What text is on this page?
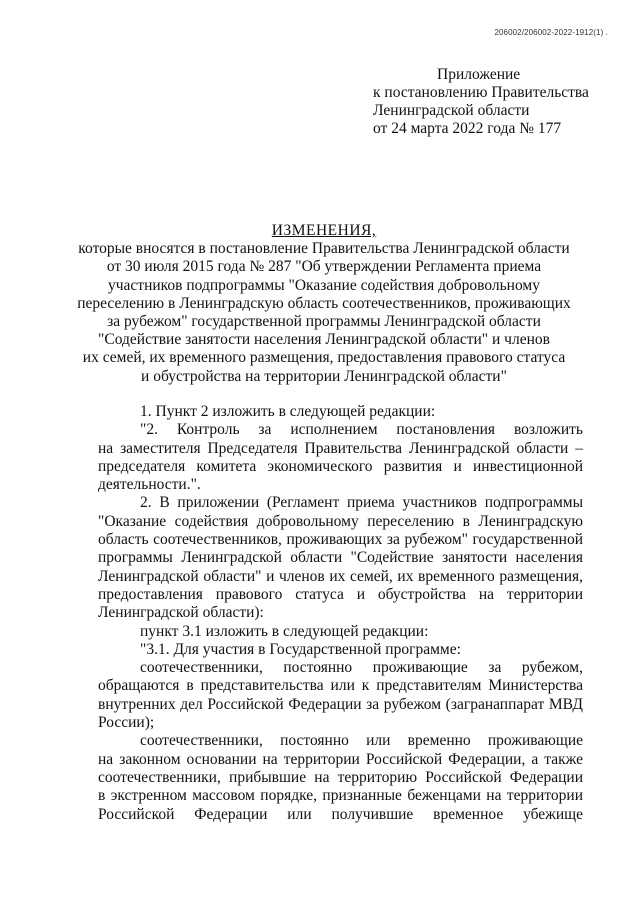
206002/206002-2022-1912(1) .
Приложение
к постановлению Правительства
Ленинградской области
от 24 марта 2022 года № 177
ИЗМЕНЕНИЯ,
которые вносятся в постановление Правительства Ленинградской области
от 30 июля 2015 года № 287 "Об утверждении Регламента приема
участников подпрограммы "Оказание содействия добровольному
переселению в Ленинградскую область соотечественников, проживающих
за рубежом" государственной программы Ленинградской области
"Содействие занятости населения Ленинградской области" и членов
их семей, их временного размещения, предоставления правового статуса
и обустройства на территории Ленинградской области"
1. Пункт 2 изложить в следующей редакции:
"2. Контроль за исполнением постановления возложить
на заместителя Председателя Правительства Ленинградской области –
председателя комитета экономического развития и инвестиционной
деятельности.".
2. В приложении (Регламент приема участников подпрограммы
"Оказание содействия добровольному переселению в Ленинградскую
область соотечественников, проживающих за рубежом" государственной
программы Ленинградской области "Содействие занятости населения
Ленинградской области" и членов их семей, их временного размещения,
предоставления правового статуса и обустройства на территории
Ленинградской области):
пункт 3.1 изложить в следующей редакции:
"3.1. Для участия в Государственной программе:
соотечественники, постоянно проживающие за рубежом,
обращаются в представительства или к представителям Министерства
внутренних дел Российской Федерации за рубежом (загранаппарат МВД
России);
соотечественники, постоянно или временно проживающие
на законном основании на территории Российской Федерации, а также
соотечественники, прибывшие на территорию Российской Федерации
в экстренном массовом порядке, признанные беженцами на территории
Российской Федерации или получившие временное убежище
